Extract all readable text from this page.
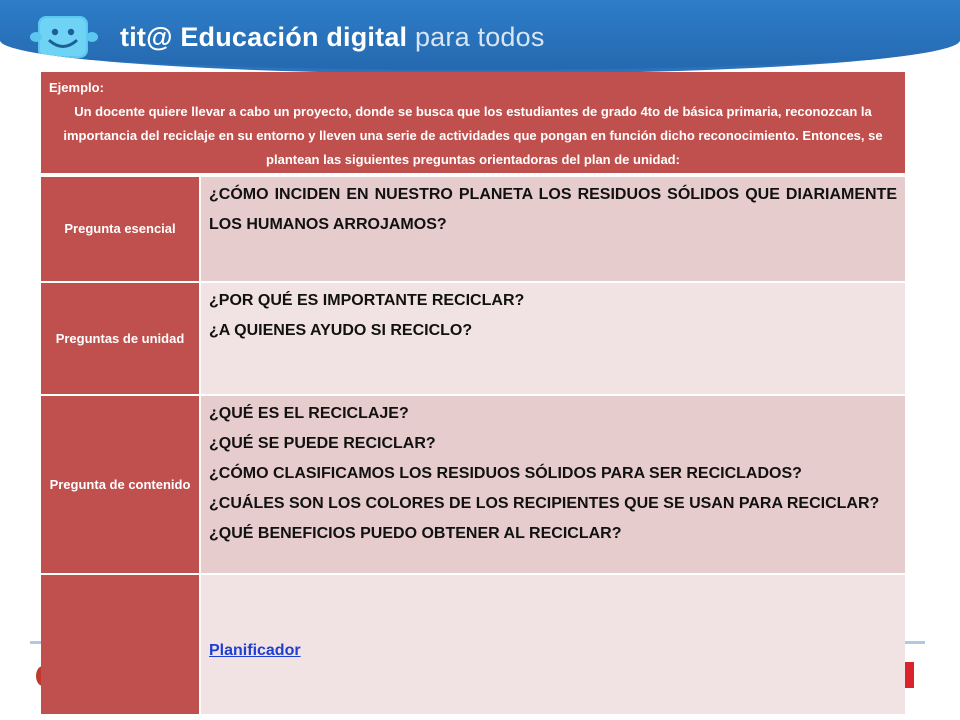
tit@ Educación digital para todos
Ejemplo:
Un docente quiere llevar a cabo un proyecto, donde se busca que los estudiantes de grado 4to de básica primaria, reconozcan la importancia del reciclaje en su entorno y lleven una serie de actividades que pongan en función dicho reconocimiento. Entonces, se plantean las siguientes preguntas orientadoras del plan de unidad:
Pregunta esencial	¿CÓMO INCIDEN EN NUESTRO PLANETA LOS RESIDUOS SÓLIDOS QUE DIARIAMENTE LOS HUMANOS ARROJAMOS?

Preguntas de unidad	¿POR QUÉ ES IMPORTANTE RECICLAR?
¿A QUIENES AYUDO SI RECICLO?

Pregunta de contenido	¿QUÉ ES EL RECICLAJE?
¿QUÉ SE PUEDE RECICLAR?
¿CÓMO CLASIFICAMOS LOS RESIDUOS SÓLIDOS PARA SER RECICLADOS?
¿CUÁLES SON LOS COLORES DE LOS RECIPIENTES QUE SE USAN PARA RECICLAR?
¿QUÉ BENEFICIOS PUEDO OBTENER AL RECICLAR?

	Planificador
